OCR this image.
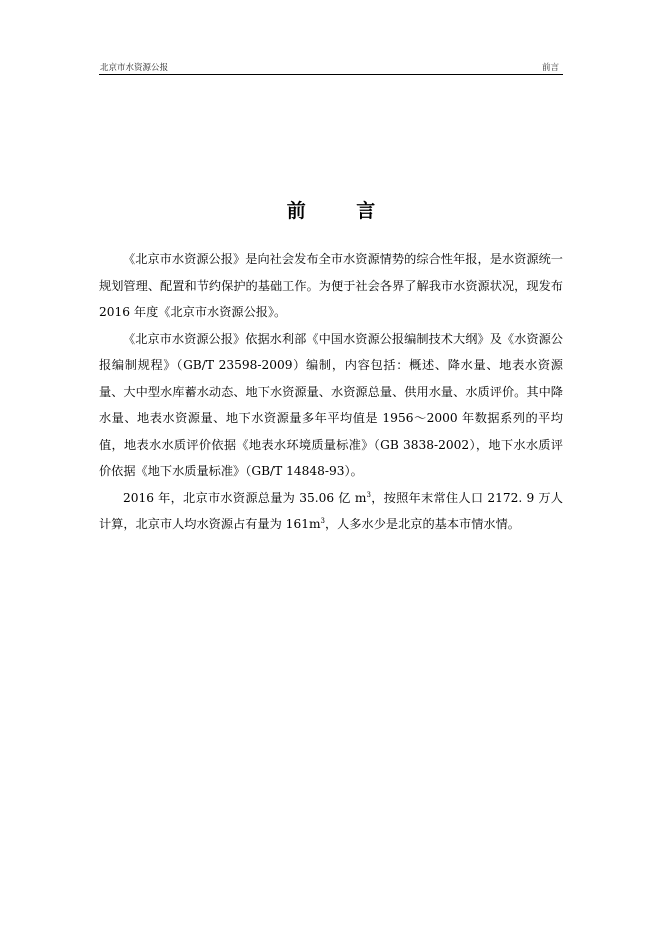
北京市水资源公报	前言
前 言

《北京市水资源公报》是向社会发布全市水资源情势的综合性年报，是水资源统一规划管理、配置和节约保护的基础工作。为便于社会各界了解我市水资源状况，现发布 2016 年度《北京市水资源公报》。

《北京市水资源公报》依据水利部《中国水资源公报编制技术大纲》及《水资源公报编制规程》（GB/T 23598-2009）编制，内容包括：概述、降水量、地表水资源量、大中型水库蓄水动态、地下水资源量、水资源总量、供用水量、水质评价。其中降水量、地表水资源量、地下水资源量多年平均值是 1956～2000 年数据系列的平均值，地表水水质评价依据《地表水环境质量标准》（GB 3838-2002），地下水水质评价依据《地下水质量标准》（GB/T 14848-93）。

2016 年，北京市水资源总量为 35.06 亿 $m^3$，按照年末常住人口 2172. 9 万人计算，北京市人均水资源占有量为 $161m^3$，人多水少是北京的基本市情水情。
